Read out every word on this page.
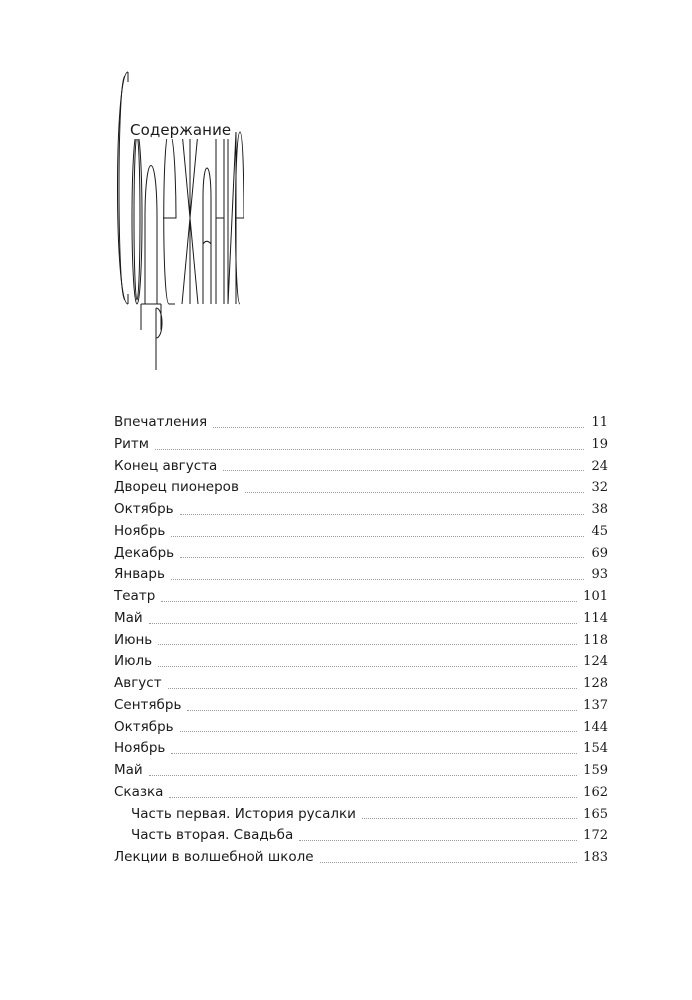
Содержание
Впечатления	11
Ритм	19
Конец августа	24
Дворец пионеров	32
Октябрь	38
Ноябрь	45
Декабрь	69
Январь	93
Театр	101
Май	114
Июнь	118
Июль	124
Август	128
Сентябрь	137
Октябрь	144
Ноябрь	154
Май	159
Сказка	162
Часть первая. История русалки	165
Часть вторая. Свадьба	172
Лекции в волшебной школе	183
